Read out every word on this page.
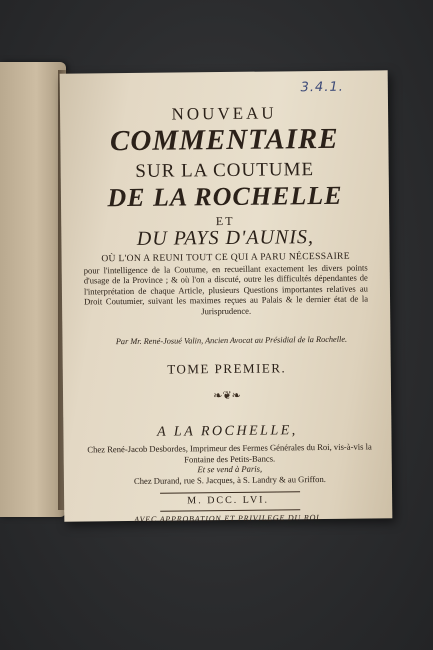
3.4.1.
NOUVEAU
COMMENTAIRE
SUR LA COUTUME
DE LA ROCHELLE
ET
DU PAYS D'AUNIS,
OÙ L'ON A REUNI TOUT CE QUI A PARU NÉCESSAIRE
pour l'intelligence de la Coutume, en recueillant exactement les divers points d'usage de la Province ; & où l'on a discuté, outre les difficultés dépendantes de l'interprétation de chaque Article, plusieurs Questions importantes relatives au Droit Coutumier, suivant les maximes reçues au Palais & le dernier état de la Jurisprudence.
Par Mr. René-Josué Valin, Ancien Avocat au Présidial de la Rochelle.
TOME PREMIER.
❧❦❧
A LA ROCHELLE,
Chez René-Jacob Desbordes, Imprimeur des Fermes Générales du Roi, vis-à-vis la Fontaine des Petits-Bancs.
Et se vend à Paris,
Chez Durand, rue S. Jacques, à S. Landry & au Griffon.
M. DCC. LVI.
AVEC APPROBATION ET PRIVILEGE DU ROI.
